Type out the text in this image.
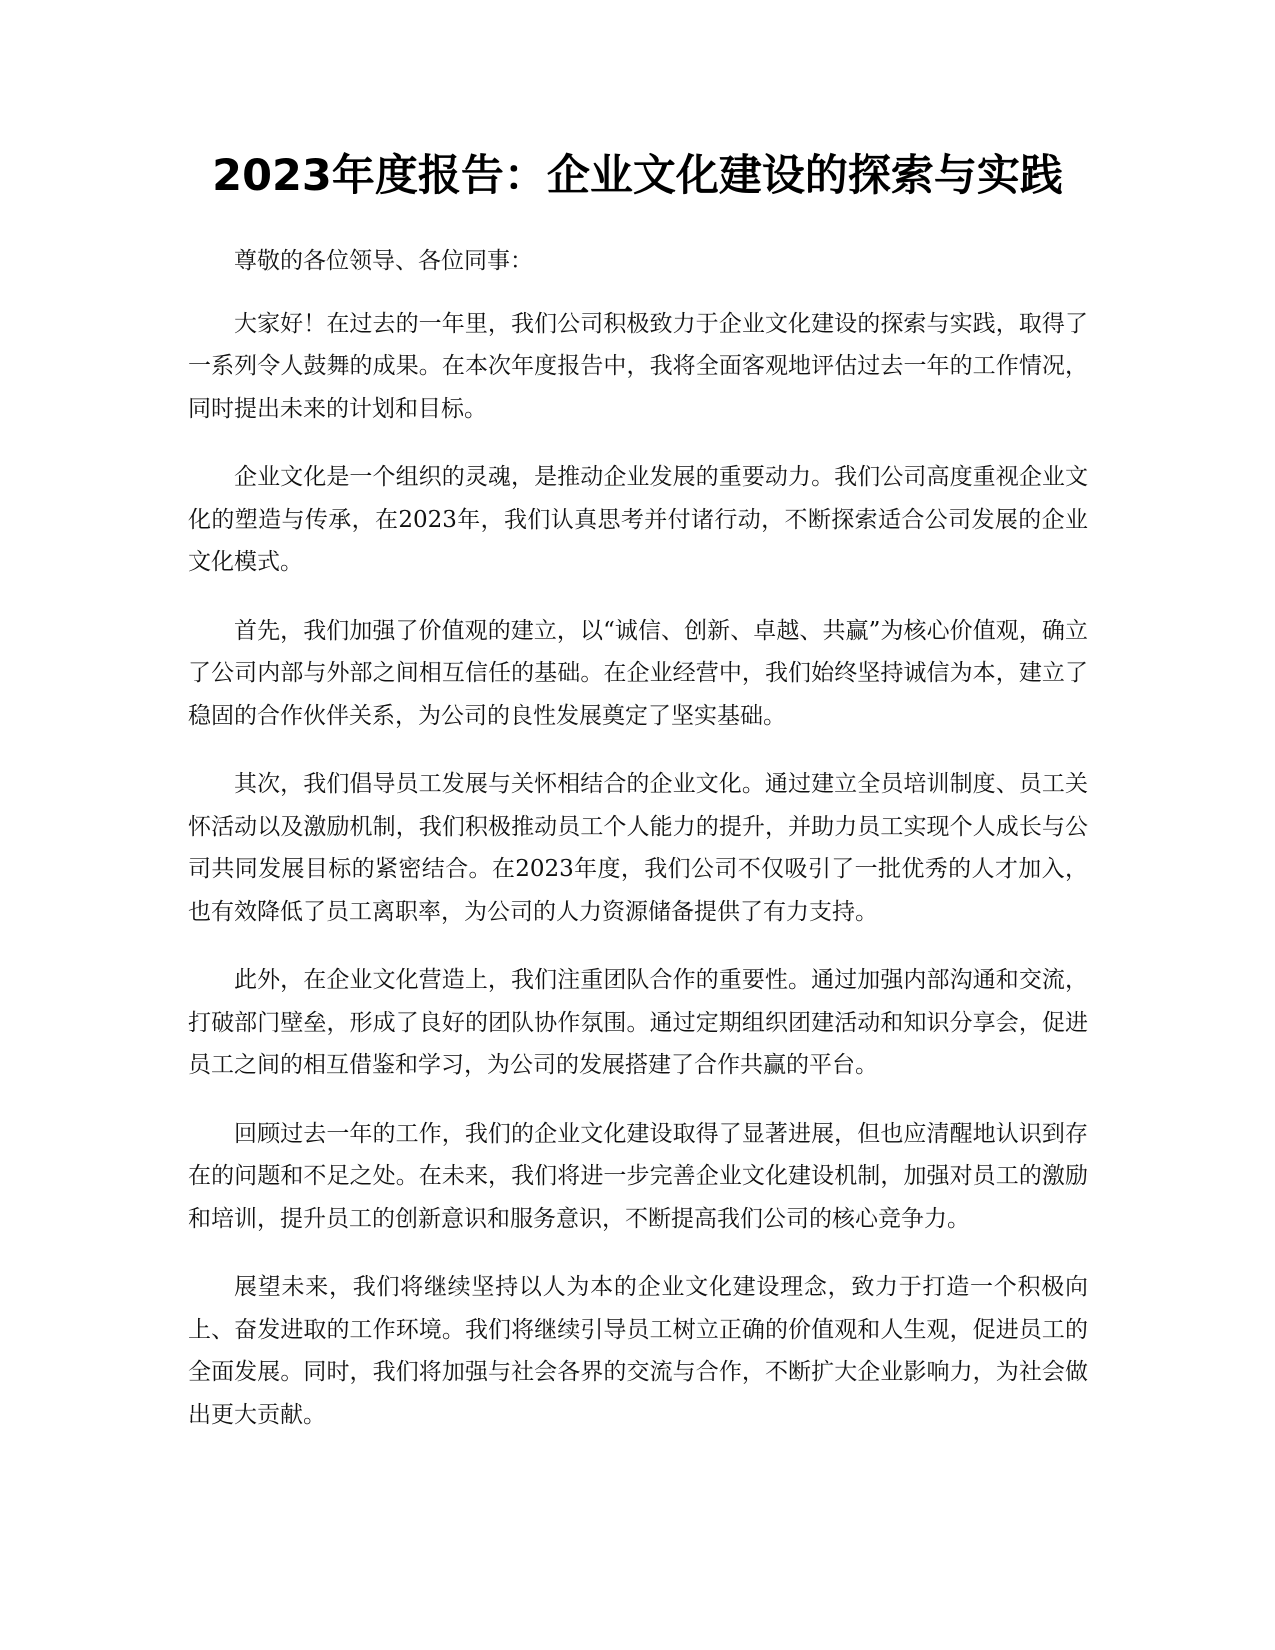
2023年度报告：企业文化建设的探索与实践

尊敬的各位领导、各位同事：

大家好！在过去的一年里，我们公司积极致力于企业文化建设的探索与实践，取得了一系列令人鼓舞的成果。在本次年度报告中，我将全面客观地评估过去一年的工作情况，同时提出未来的计划和目标。

企业文化是一个组织的灵魂，是推动企业发展的重要动力。我们公司高度重视企业文化的塑造与传承，在2023年，我们认真思考并付诸行动，不断探索适合公司发展的企业文化模式。

首先，我们加强了价值观的建立，以“诚信、创新、卓越、共赢”为核心价值观，确立了公司内部与外部之间相互信任的基础。在企业经营中，我们始终坚持诚信为本，建立了稳固的合作伙伴关系，为公司的良性发展奠定了坚实基础。

其次，我们倡导员工发展与关怀相结合的企业文化。通过建立全员培训制度、员工关怀活动以及激励机制，我们积极推动员工个人能力的提升，并助力员工实现个人成长与公司共同发展目标的紧密结合。在2023年度，我们公司不仅吸引了一批优秀的人才加入，也有效降低了员工离职率，为公司的人力资源储备提供了有力支持。

此外，在企业文化营造上，我们注重团队合作的重要性。通过加强内部沟通和交流，打破部门壁垒，形成了良好的团队协作氛围。通过定期组织团建活动和知识分享会，促进员工之间的相互借鉴和学习，为公司的发展搭建了合作共赢的平台。

回顾过去一年的工作，我们的企业文化建设取得了显著进展，但也应清醒地认识到存在的问题和不足之处。在未来，我们将进一步完善企业文化建设机制，加强对员工的激励和培训，提升员工的创新意识和服务意识，不断提高我们公司的核心竞争力。

展望未来，我们将继续坚持以人为本的企业文化建设理念，致力于打造一个积极向上、奋发进取的工作环境。我们将继续引导员工树立正确的价值观和人生观，促进员工的全面发展。同时，我们将加强与社会各界的交流与合作，不断扩大企业影响力，为社会做出更大贡献。
